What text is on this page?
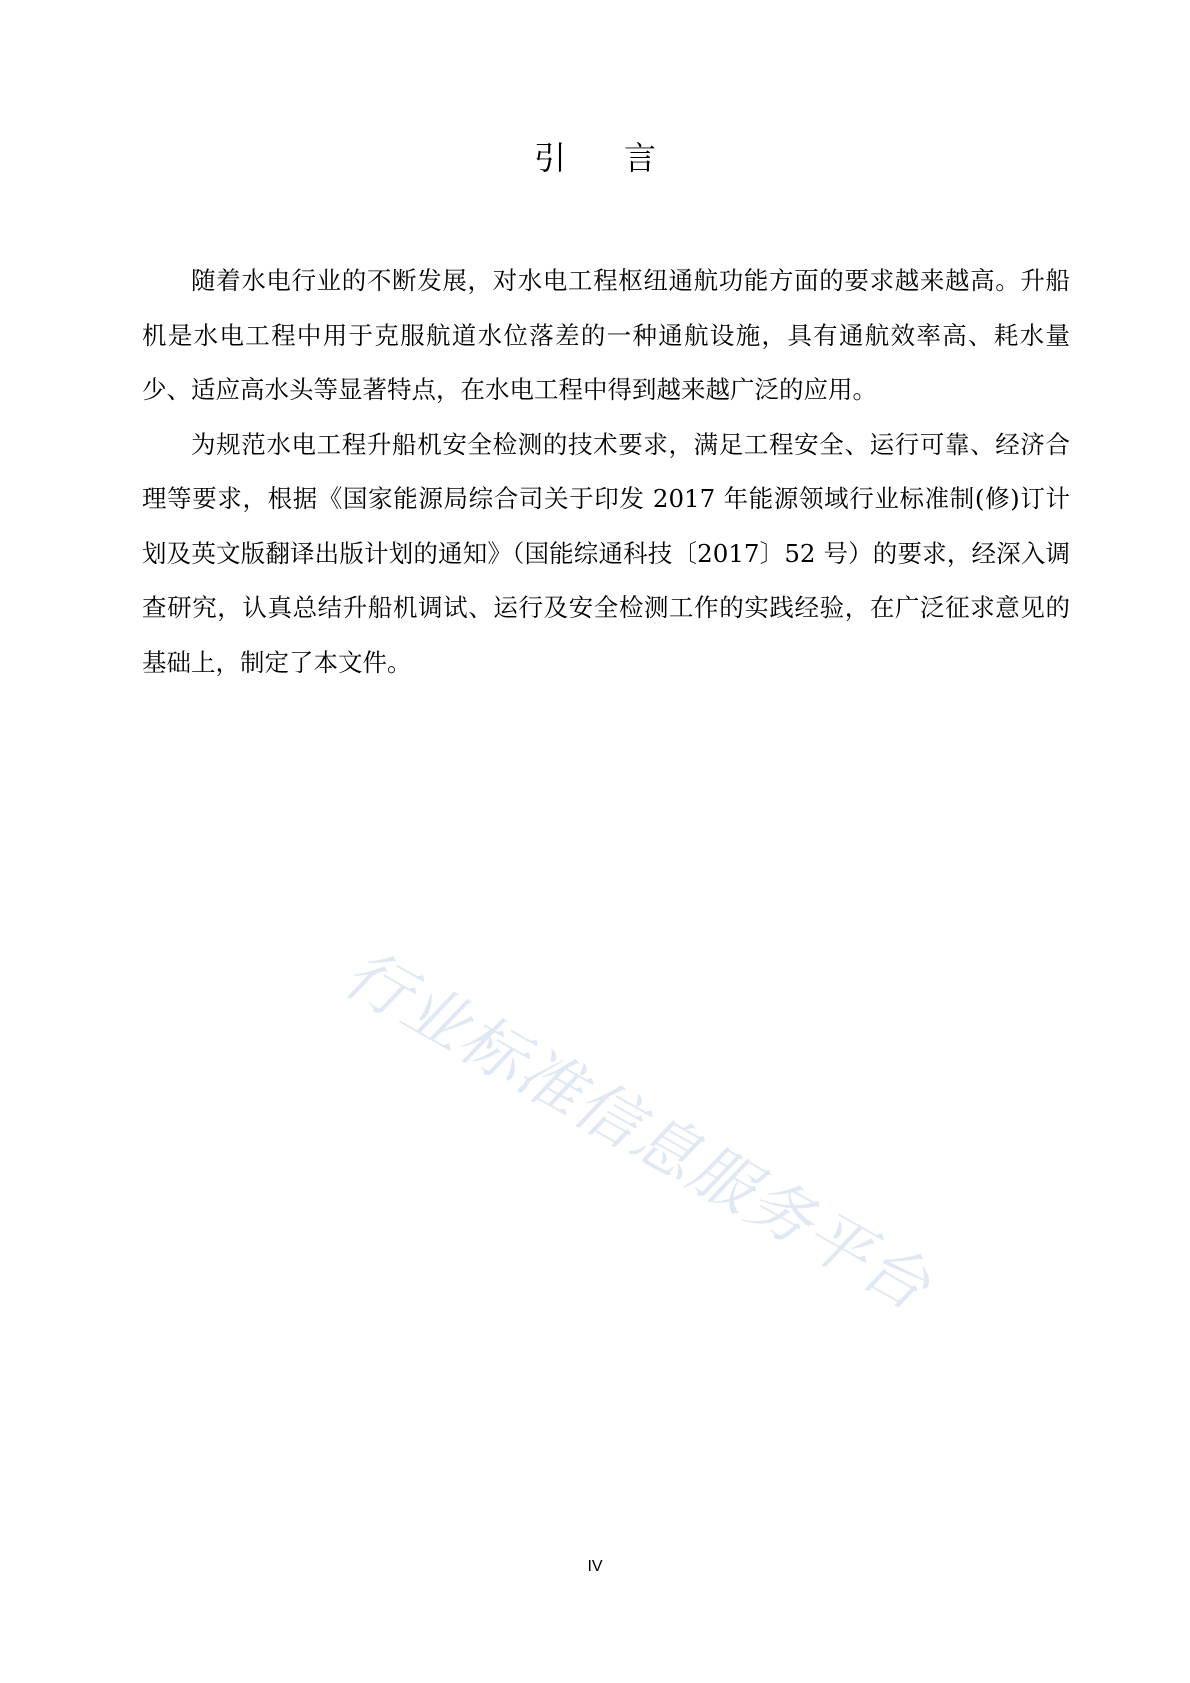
引言

随着水电行业的不断发展，对水电工程枢纽通航功能方面的要求越来越高。升船机是水电工程中用于克服航道水位落差的一种通航设施，具有通航效率高、耗水量少、适应高水头等显著特点，在水电工程中得到越来越广泛的应用。

为规范水电工程升船机安全检测的技术要求，满足工程安全、运行可靠、经济合理等要求，根据《国家能源局综合司关于印发 2017 年能源领域行业标准制(修)订计划及英文版翻译出版计划的通知》（国能综通科技〔2017〕52 号）的要求，经深入调查研究，认真总结升船机调试、运行及安全检测工作的实践经验，在广泛征求意见的基础上，制定了本文件。

行业标准信息服务平台
IV
